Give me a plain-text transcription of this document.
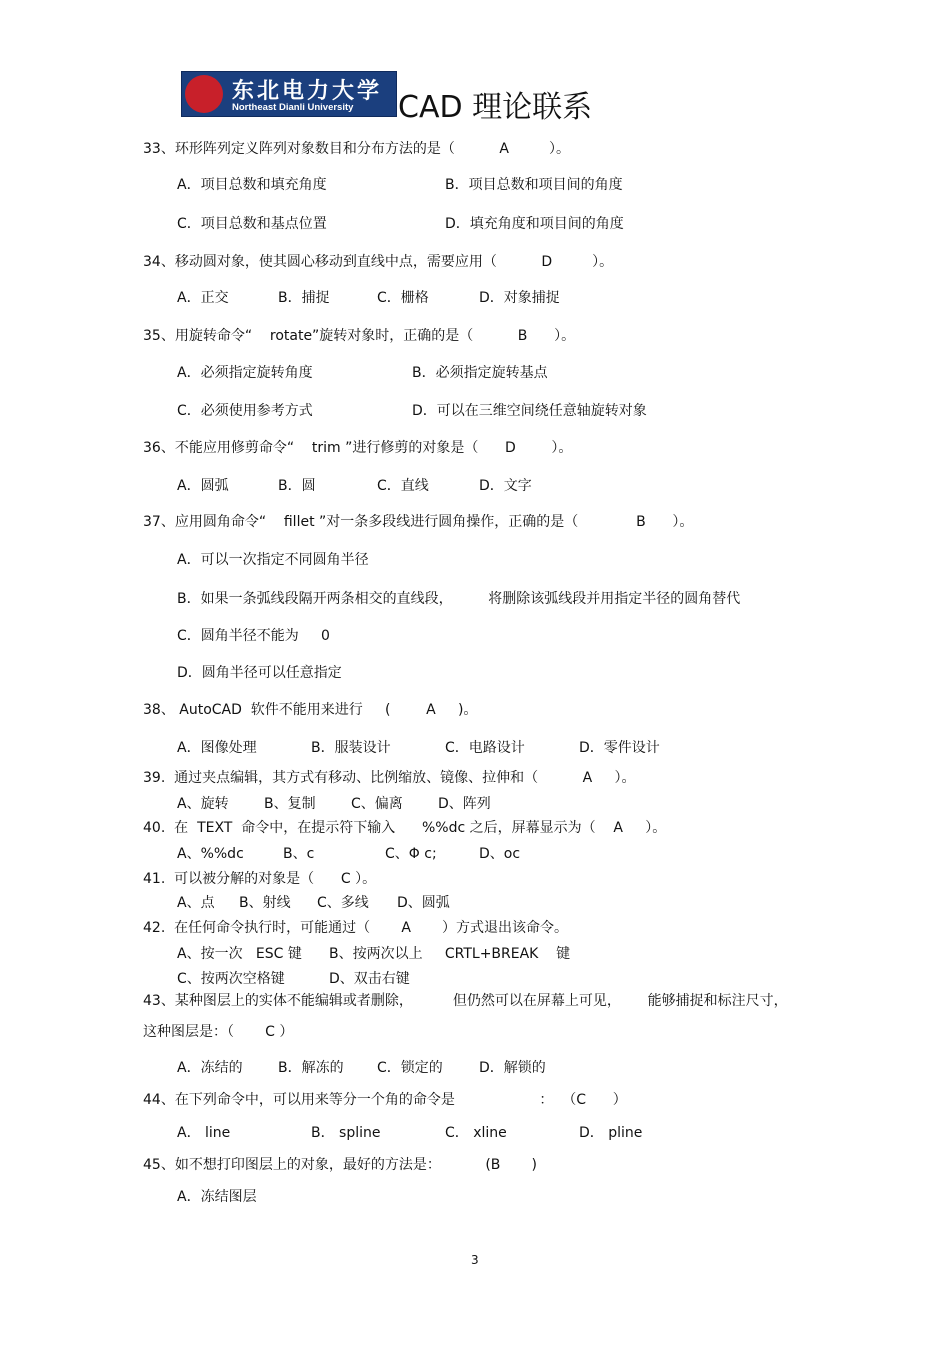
东北电力大学
Northeast Dianli University CAD 理论联系
33、环形阵列定义阵列对象数目和分布方法的是（          A         ）。
A．项目总数和填充角度	B．项目总数和项目间的角度
C．项目总数和基点位置	D．填充角度和项目间的角度
34、移动圆对象，使其圆心移动到直线中点，需要应用（          D         ）。
A．正交	B．捕捉	C．栅格	D．对象捕捉
35、用旋转命令“    rotate”旋转对象时，正确的是（          B      ）。
A．必须指定旋转角度	B．必须指定旋转基点
C．必须使用参考方式	D．可以在三维空间绕任意轴旋转对象
36、不能应用修剪命令“    trim ”进行修剪的对象是（      D        ）。
A．圆弧	B．圆	C．直线	D．文字
37、应用圆角命令“    fillet ”对一条多段线进行圆角操作，正确的是（             B      ）。
A．可以一次指定不同圆角半径
B．如果一条弧线段隔开两条相交的直线段，        将删除该弧线段并用指定半径的圆角替代
C．圆角半径不能为     0
D．圆角半径可以任意指定
38、 AutoCAD  软件不能用来进行     (        A     )。
A．图像处理	B．服装设计	C．电路设计	D．零件设计
39.  通过夹点编辑，其方式有移动、比例缩放、镜像、拉伸和（          A     ）。
A、旋转	B、复制	C、偏离	D、阵列
40.  在  TEXT  命令中，在提示符下输入      %%dc 之后，屏幕显示为（    A     ）。
A、%%dc	B、c	C、Φ c;	D、oc
41.  可以被分解的对象是（      C ）。
A、点 B、射线 C、多线 D、圆弧
42.  在任何命令执行时，可能通过（       A       ）方式退出该命令。
A、按一次   ESC 键 B、按两次以上     CRTL+BREAK    键
C、按两次空格键	D、双击右键
43、某种图层上的实体不能编辑或者删除，         但仍然可以在屏幕上可见，      能够捕捉和标注尺寸，
这种图层是：（       C ）
A．冻结的	B．解冻的 C．锁定的	D．解锁的
44、在下列命令中，可以用来等分一个角的命令是                   ：  （C      ）
A． line	B． spline	C． xline	D． pline
45、如不想打印图层上的对象，最好的方法是：          (B       )
A．冻结图层
3
